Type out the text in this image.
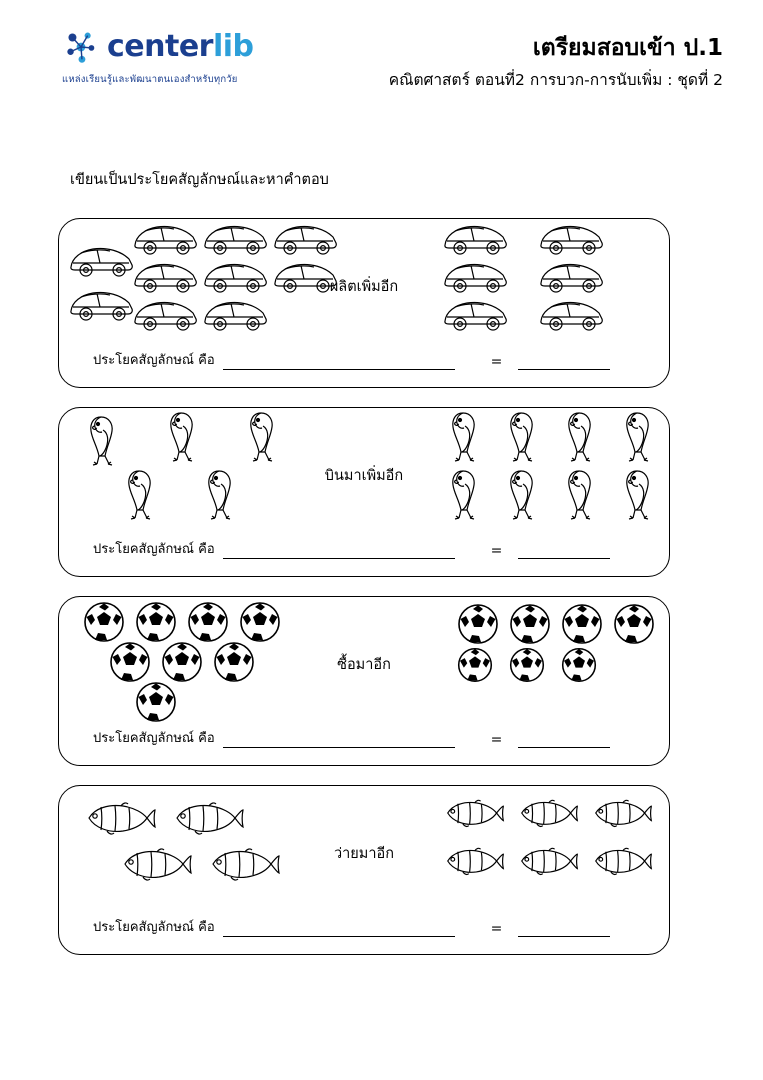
centerlib
แหล่งเรียนรู้และพัฒนาตนเองสำหรับทุกวัย
เตรียมสอบเข้า ป.1
คณิตศาสตร์ ตอนที่2 การบวก-การนับเพิ่ม : ชุดที่ 2
เขียนเป็นประโยคสัญลักษณ์และหาคำตอบ
ผลิตเพิ่มอีก
ประโยคสัญลักษณ์ คือ	=
บินมาเพิ่มอีก
ประโยคสัญลักษณ์ คือ	=
ซื้อมาอีก
ประโยคสัญลักษณ์ คือ	=
ว่ายมาอีก
ประโยคสัญลักษณ์ คือ	=
